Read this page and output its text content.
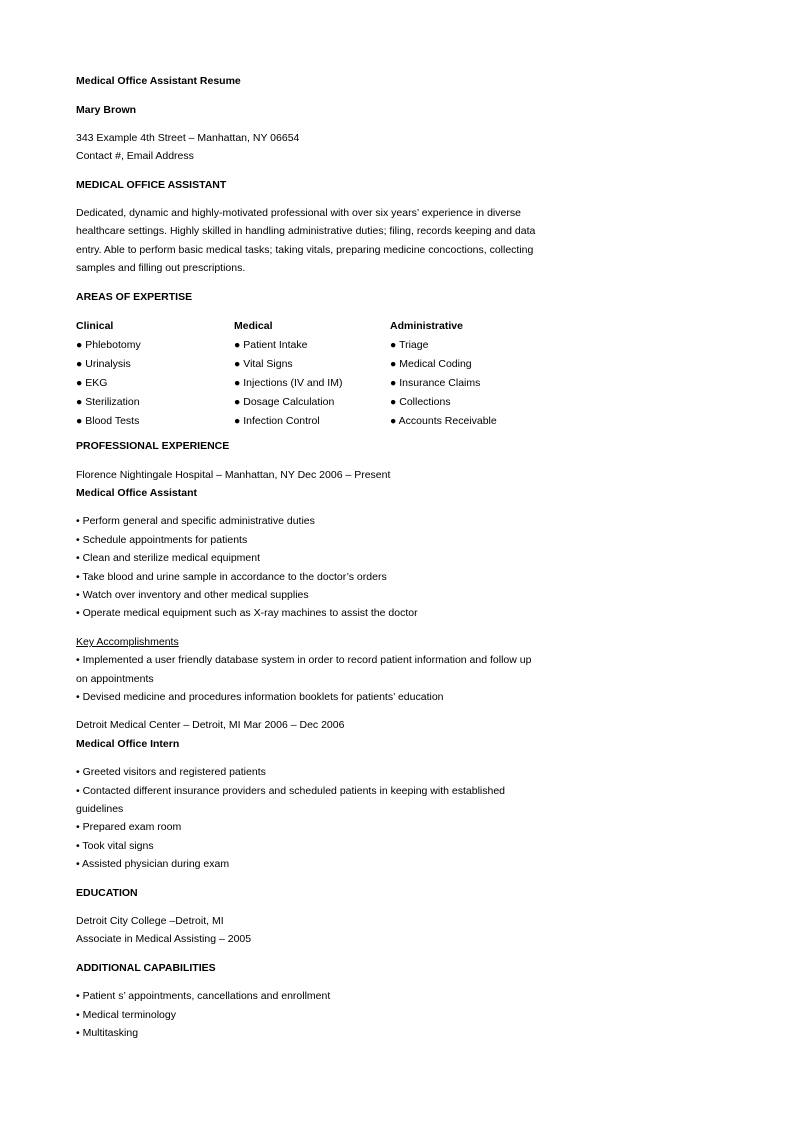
Medical Office Assistant Resume
Mary Brown
343 Example 4th Street – Manhattan, NY 06654
Contact #, Email Address
MEDICAL OFFICE ASSISTANT
Dedicated, dynamic and highly-motivated professional with over six years’ experience in diverse
healthcare settings. Highly skilled in handling administrative duties; filing, records keeping and data
entry. Able to perform basic medical tasks; taking vitals, preparing medicine concoctions, collecting
samples and filling out prescriptions.
AREAS OF EXPERTISE
Clinical
● Phlebotomy
● Urinalysis
● EKG
● Sterilization
● Blood Tests
Medical
● Patient Intake
● Vital Signs
● Injections (IV and IM)
● Dosage Calculation
● Infection Control
Administrative
● Triage
● Medical Coding
● Insurance Claims
● Collections
● Accounts Receivable
PROFESSIONAL EXPERIENCE
Florence Nightingale Hospital – Manhattan, NY Dec 2006 – Present
Medical Office Assistant
• Perform general and specific administrative duties
• Schedule appointments for patients
• Clean and sterilize medical equipment
• Take blood and urine sample in accordance to the doctor’s orders
• Watch over inventory and other medical supplies
• Operate medical equipment such as X-ray machines to assist the doctor
Key Accomplishments
• Implemented a user friendly database system in order to record patient information and follow up
on appointments
• Devised medicine and procedures information booklets for patients’ education
Detroit Medical Center – Detroit, MI Mar 2006 – Dec 2006
Medical Office Intern
• Greeted visitors and registered patients
• Contacted different insurance providers and scheduled patients in keeping with established
guidelines
• Prepared exam room
• Took vital signs
• Assisted physician during exam
EDUCATION
Detroit City College –Detroit, MI
Associate in Medical Assisting – 2005
ADDITIONAL CAPABILITIES
• Patient s’ appointments, cancellations and enrollment
• Medical terminology
• Multitasking
